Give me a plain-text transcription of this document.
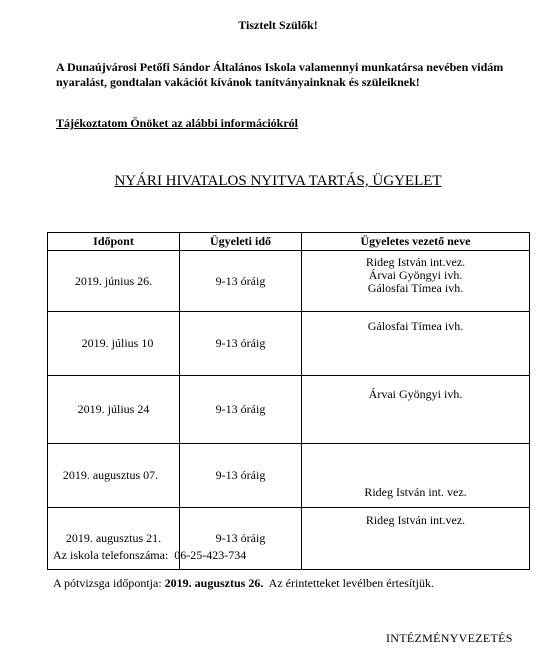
Tisztelt Szülők!
A Dunaújvárosi Petőfi Sándor Általános Iskola valamennyi munkatársa nevében vidám nyaralást, gondtalan vakációt kívánok tanítványainknak és szüleiknek!
Tájékoztatom Önöket az alábbi információkról
NYÁRI HIVATALOS NYITVA TARTÁS, ÜGYELET
Időpont	Ügyeleti idő	Ügyeletes vezető neve
2019. június 26.	9-13 óráig	Rideg István int.vez.
Árvai Gyöngyi ivh.
Gálosfai Tímea ivh.

2019. július 10	9-13 óráig	Gálosfai Tímea ivh.

2019. július 24	9-13 óráig	Árvai Gyöngyi ivh.

2019. augusztus 07.	9-13 óráig	Rideg István int. vez.

2019. augusztus 21.	9-13 óráig	Rideg István int.vez.
Az iskola telefonszáma:  06-25-423-734
A pótvizsga időpontja: 2019. augusztus 26.  Az érintetteket levélben értesítjük.
INTÉZMÉNYVEZETÉS
